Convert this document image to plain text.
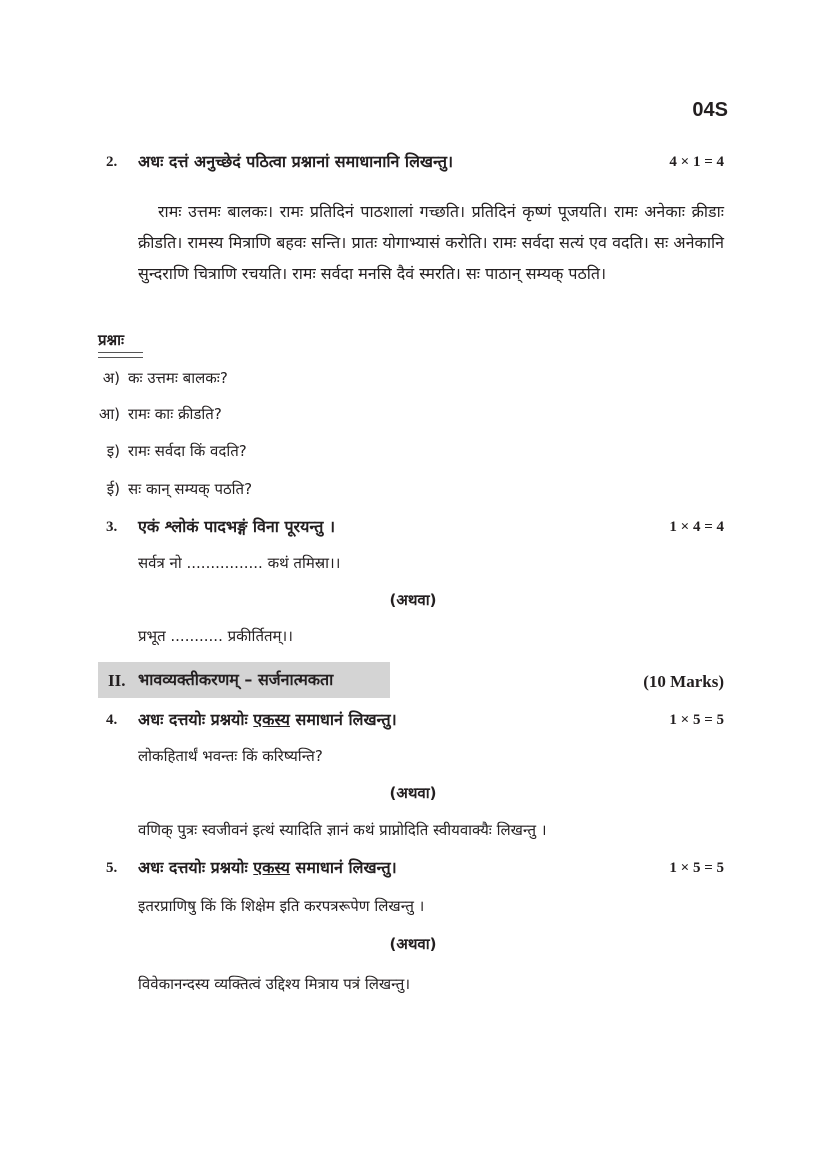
04S
2. अधः दत्तं अनुच्छेदं पठित्वा प्रश्नानां समाधानानि लिखन्तु।	4 × 1 = 4

रामः उत्तमः बालकः। रामः प्रतिदिनं पाठशालां गच्छति। प्रतिदिनं कृष्णं पूजयति। रामः अनेकाः क्रीडाः क्रीडति। रामस्य मित्राणि बहवः सन्ति। प्रातः योगाभ्यासं करोति। रामः सर्वदा सत्यं एव वदति। सः अनेकानि सुन्दराणि चित्राणि रचयति। रामः सर्वदा मनसि दैवं स्मरति। सः पाठान् सम्यक् पठति।

प्रश्नाः
अ) कः उत्तमः बालकः?
आ) रामः काः क्रीडति?
इ) रामः सर्वदा किं वदति?
ई) सः कान् सम्यक् पठति?
3. एकं श्लोकं पादभङ्गं विना पूरयन्तु ।	1 × 4 = 4
सर्वत्र नो ................ कथं तमिस्रा।।
(अथवा)
प्रभूत ........... प्रकीर्तितम्।।
II. भावव्यक्तीकरणम् – सर्जनात्मकता	(10 Marks)
4. अधः दत्तयोः प्रश्नयोः एकस्य समाधानं लिखन्तु।	1 × 5 = 5
लोकहितार्थं भवन्तः किं करिष्यन्ति?
(अथवा)
वणिक् पुत्रः स्वजीवनं इत्थं स्यादिति ज्ञानं कथं प्राप्नोदिति स्वीयवाक्यैः लिखन्तु ।
5. अधः दत्तयोः प्रश्नयोः एकस्य समाधानं लिखन्तु।	1 × 5 = 5
इतरप्राणिषु किं किं शिक्षेम इति करपत्ररूपेण लिखन्तु ।
(अथवा)
विवेकानन्दस्य व्यक्तित्वं उद्दिश्य मित्राय पत्रं लिखन्तु।
